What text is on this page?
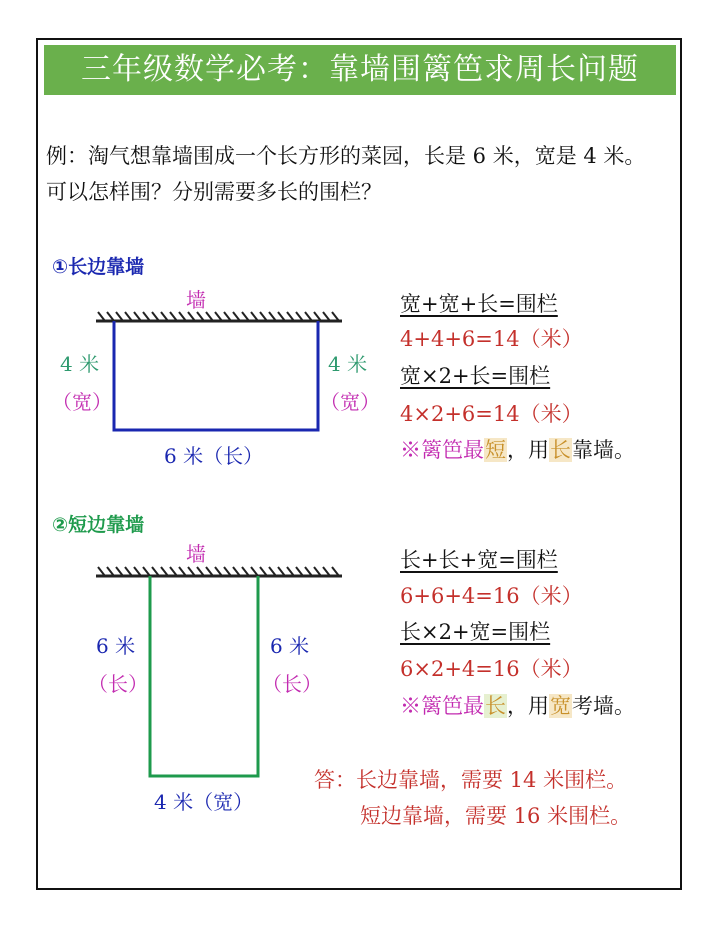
三年级数学必考：靠墙围篱笆求周长问题
例：淘气想靠墙围成一个长方形的菜园，长是 6 米，宽是 4 米。
可以怎样围？分别需要多长的围栏？
①长边靠墙
墙
4 米
（宽）
4 米
（宽）
6 米（长）
宽+宽+长=围栏
4+4+6=14（米）
宽×2+长=围栏
4×2+6=14（米）
※篱笆最短，用长靠墙。
②短边靠墙
墙
6 米
（长）
6 米
（长）
4 米（宽）
长+长+宽=围栏
6+6+4=16（米）
长×2+宽=围栏
6×2+4=16（米）
※篱笆最长，用宽考墙。
答：长边靠墙，需要 14 米围栏。
短边靠墙，需要 16 米围栏。
